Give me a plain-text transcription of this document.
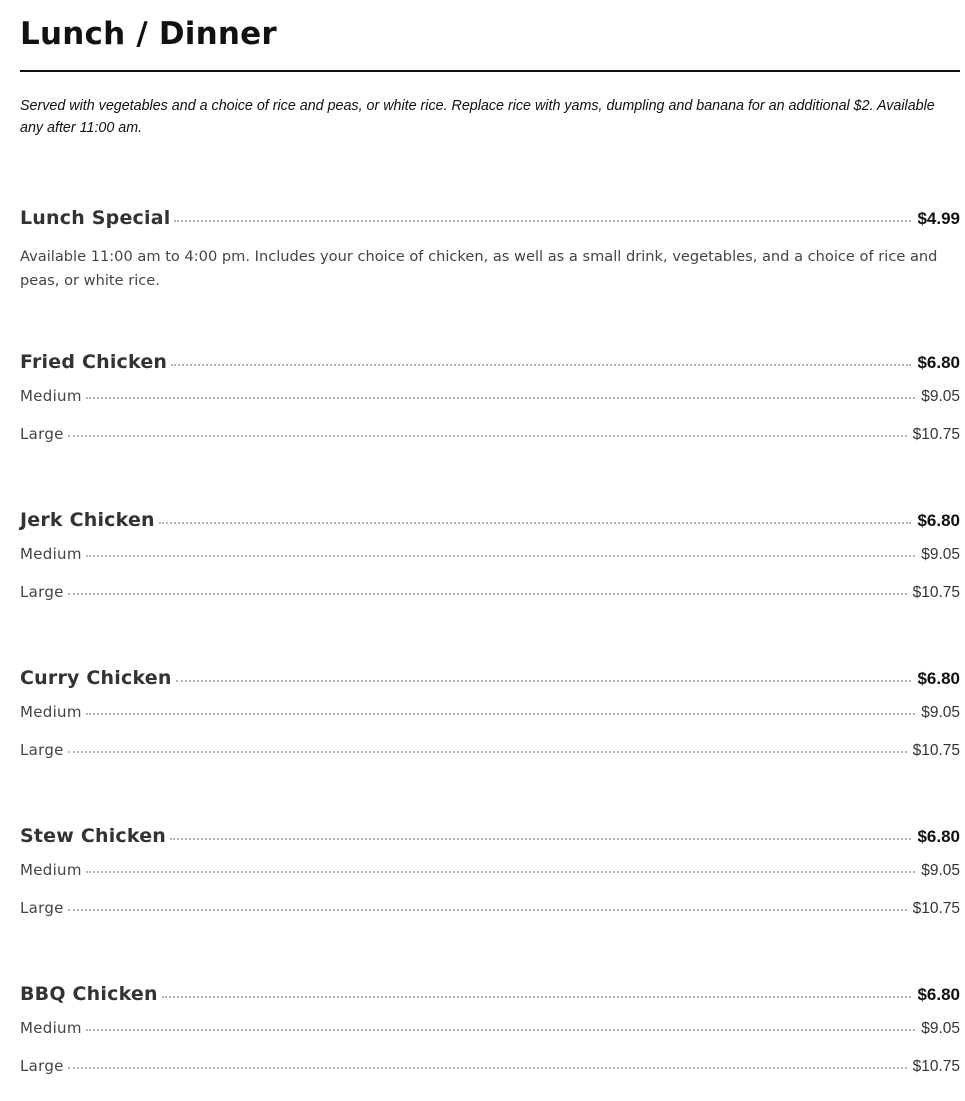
Lunch / Dinner

Served with vegetables and a choice of rice and peas, or white rice. Replace rice with yams, dumpling and banana for an additional $2. Available any after 11:00 am.

Lunch Special	$4.99

Available 11:00 am to 4:00 pm. Includes your choice of chicken, as well as a small drink, vegetables, and a choice of rice and peas, or white rice.

Fried Chicken	$6.80
Medium	$9.05
Large	$10.75
Jerk Chicken	$6.80
Medium	$9.05
Large	$10.75
Curry Chicken	$6.80
Medium	$9.05
Large	$10.75
Stew Chicken	$6.80
Medium	$9.05
Large	$10.75
BBQ Chicken	$6.80
Medium	$9.05
Large	$10.75
